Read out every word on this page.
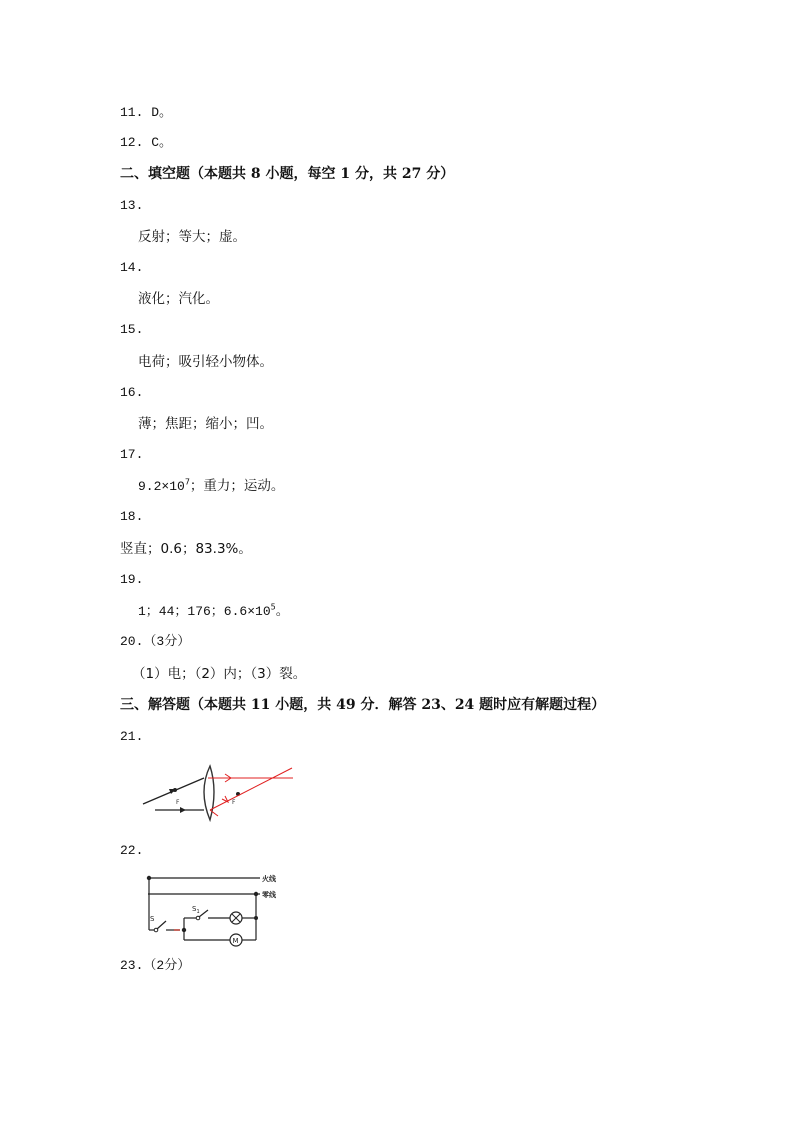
11. D。
12. C。
二、填空题（本题共 8 小题，每空 1 分，共 27 分）
13.
反射；等大；虚。
14.
液化；汽化。
15.
电荷；吸引轻小物体。
16.
薄；焦距；缩小；凹。
17.
$9.2\times 10^7$；重力；运动。
18.
竖直；0.6；83.3%。
19.
1；44；176；$6.6\times 10^5$。
20.（3分）
（1）电；（2）内；（3）裂。
三、解答题（本题共 11 小题，共 49 分．解答 23、24 题时应有解题过程）
21.
F	F
22.
火线
零线
S
$S_1$
M
23.（2分）
